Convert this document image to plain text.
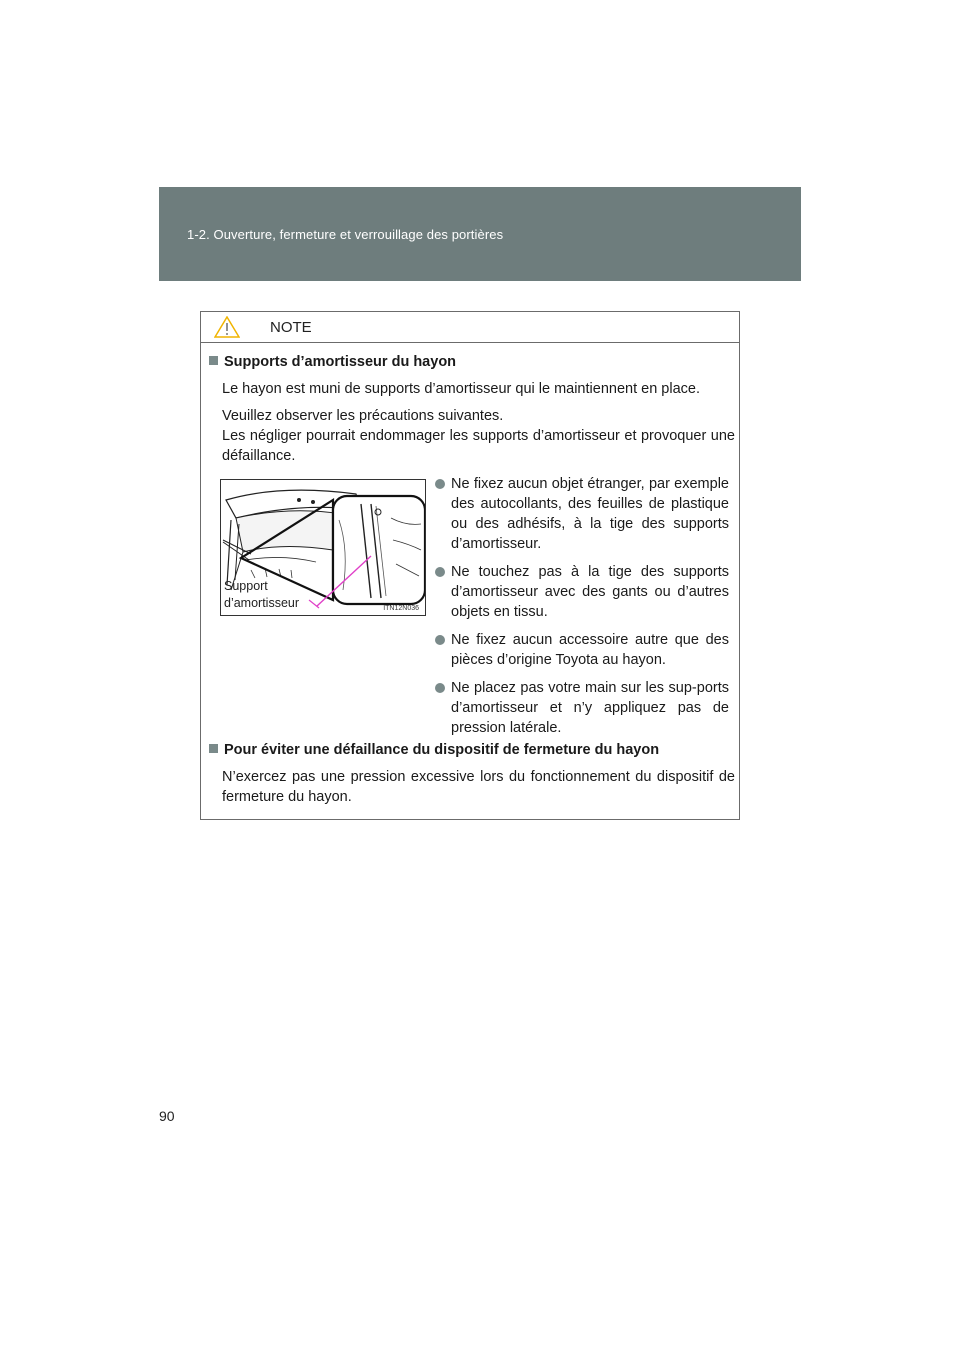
1-2. Ouverture, fermeture et verrouillage des portières
NOTE
Supports d’amortisseur du hayon
Le hayon est muni de supports d’amortisseur qui le maintiennent en place.
Veuillez observer les précautions suivantes.
Les négliger pourrait endommager les supports d’amortisseur et provoquer une défaillance.
Support
d’amortisseur	ITN12N036
Ne fixez aucun objet étranger, par exemple des autocollants, des feuilles de plastique ou des adhésifs, à la tige des supports d’amortisseur.
Ne touchez pas à la tige des supports d’amortisseur avec des gants ou d’autres objets en tissu.
Ne fixez aucun accessoire autre que des pièces d’origine Toyota au hayon.
Ne placez pas votre main sur les sup-ports d’amortisseur et n’y appliquez pas de pression latérale.
Pour éviter une défaillance du dispositif de fermeture du hayon
N’exercez pas une pression excessive lors du fonctionnement du dispositif de fermeture du hayon.
90
